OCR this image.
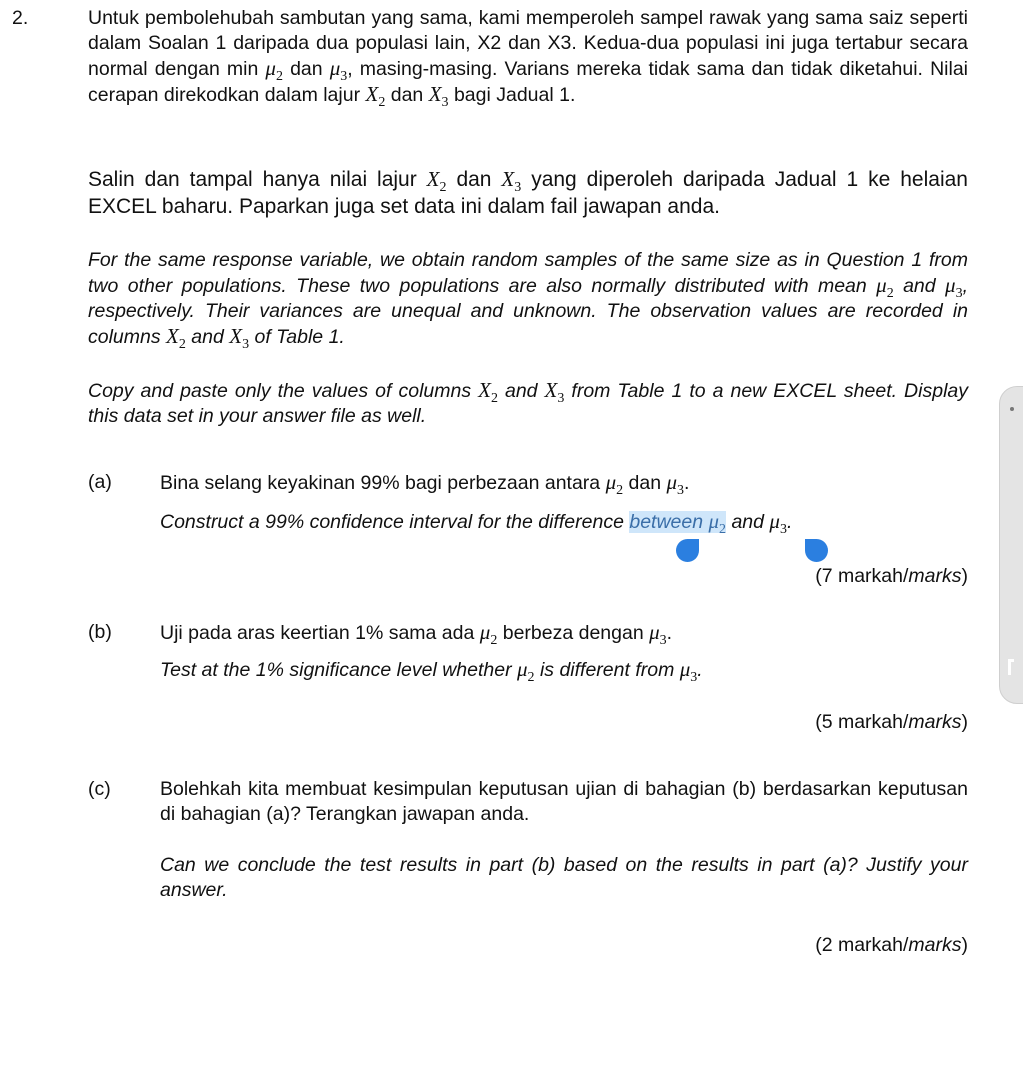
2.	Untuk pembolehubah sambutan yang sama, kami memperoleh sampel rawak yang sama saiz seperti dalam Soalan 1 daripada dua populasi lain, X2 dan X3. Kedua-dua populasi ini juga tertabur secara normal dengan $\min \mu_2$ dan $\mu_3$, masing-masing. Varians mereka tidak sama dan tidak diketahui. Nilai cerapan direkodkan dalam lajur $X_2$ dan $X_3$ bagi Jadual 1.

Salin dan tampal hanya nilai lajur $X_2$ dan $X_3$ yang diperoleh daripada Jadual 1 ke helaian EXCEL baharu. Paparkan juga set data ini dalam fail jawapan anda.

For the same response variable, we obtain random samples of the same size as in Question 1 from two other populations. These two populations are also normally distributed with mean $\mu_2$ and $\mu_3$, respectively. Their variances are unequal and unknown. The observation values are recorded in columns $X_2$ and $X_3$ of Table 1.

Copy and paste only the values of columns $X_2$ and $X_3$ from Table 1 to a new EXCEL sheet. Display this data set in your answer file as well.

(a) Bina selang keyakinan 99% bagi perbezaan antara $\mu_2$ dan $\mu_3$.

Construct a 99% confidence interval for the difference between $\mu_2$ and $\mu_3$.

(7 markah/marks)
(b) Uji pada aras keertian 1% sama ada $\mu_2$ berbeza dengan $\mu_3$.

Test at the 1% significance level whether $\mu_2$ is different from $\mu_3$.

(5 markah/marks)
(c)	Bolehkah kita membuat kesimpulan keputusan ujian di bahagian (b) berdasarkan keputusan di bahagian (a)? Terangkan jawapan anda.

Can we conclude the test results in part (b) based on the results in part (a)? Justify your answer.

(2 markah/marks)
